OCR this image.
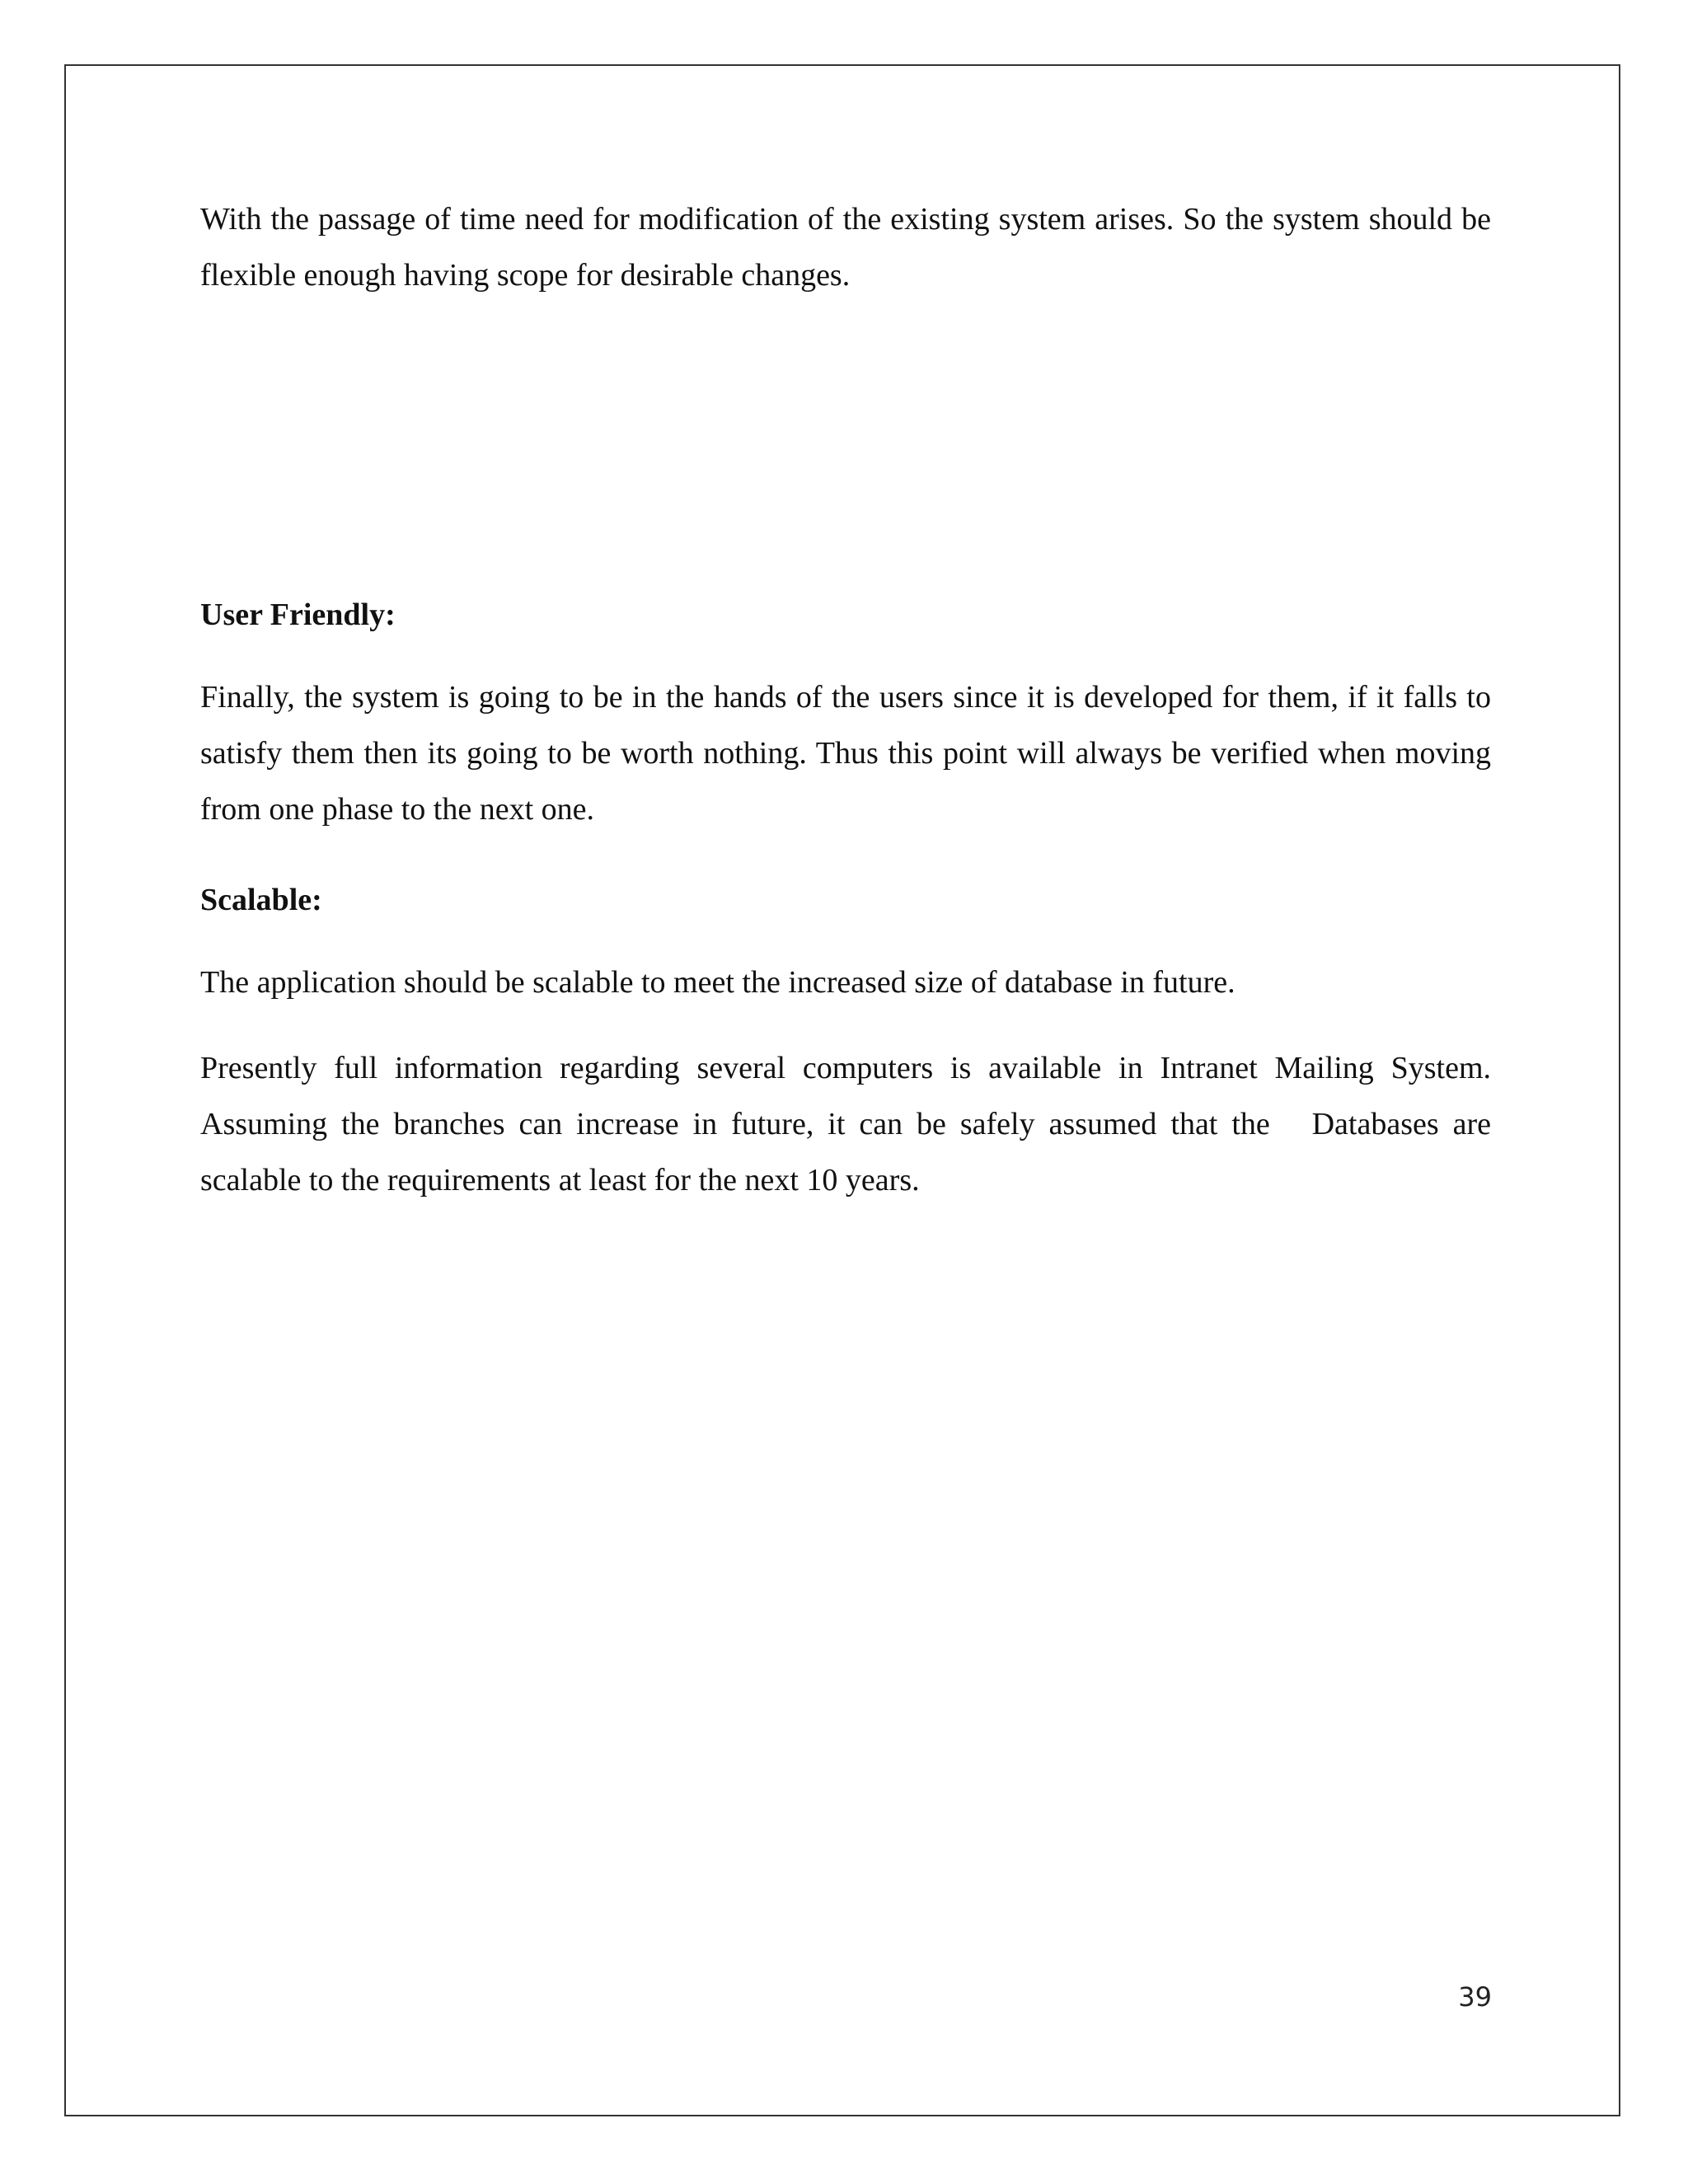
With the passage of time need for modification of the existing system arises. So the system should be flexible enough having scope for desirable changes.

User Friendly:

Finally, the system is going to be in the hands of the users since it is developed for them, if it falls to satisfy them then its going to be worth nothing. Thus this point will always be verified when moving from one phase to the next one.

Scalable:

The application should be scalable to meet the increased size of database in future.

Presently full information regarding several computers is available in Intranet Mailing System. Assuming the branches can increase in future, it can be safely assumed that the   Databases are scalable to the requirements at least for the next 10 years.

39
